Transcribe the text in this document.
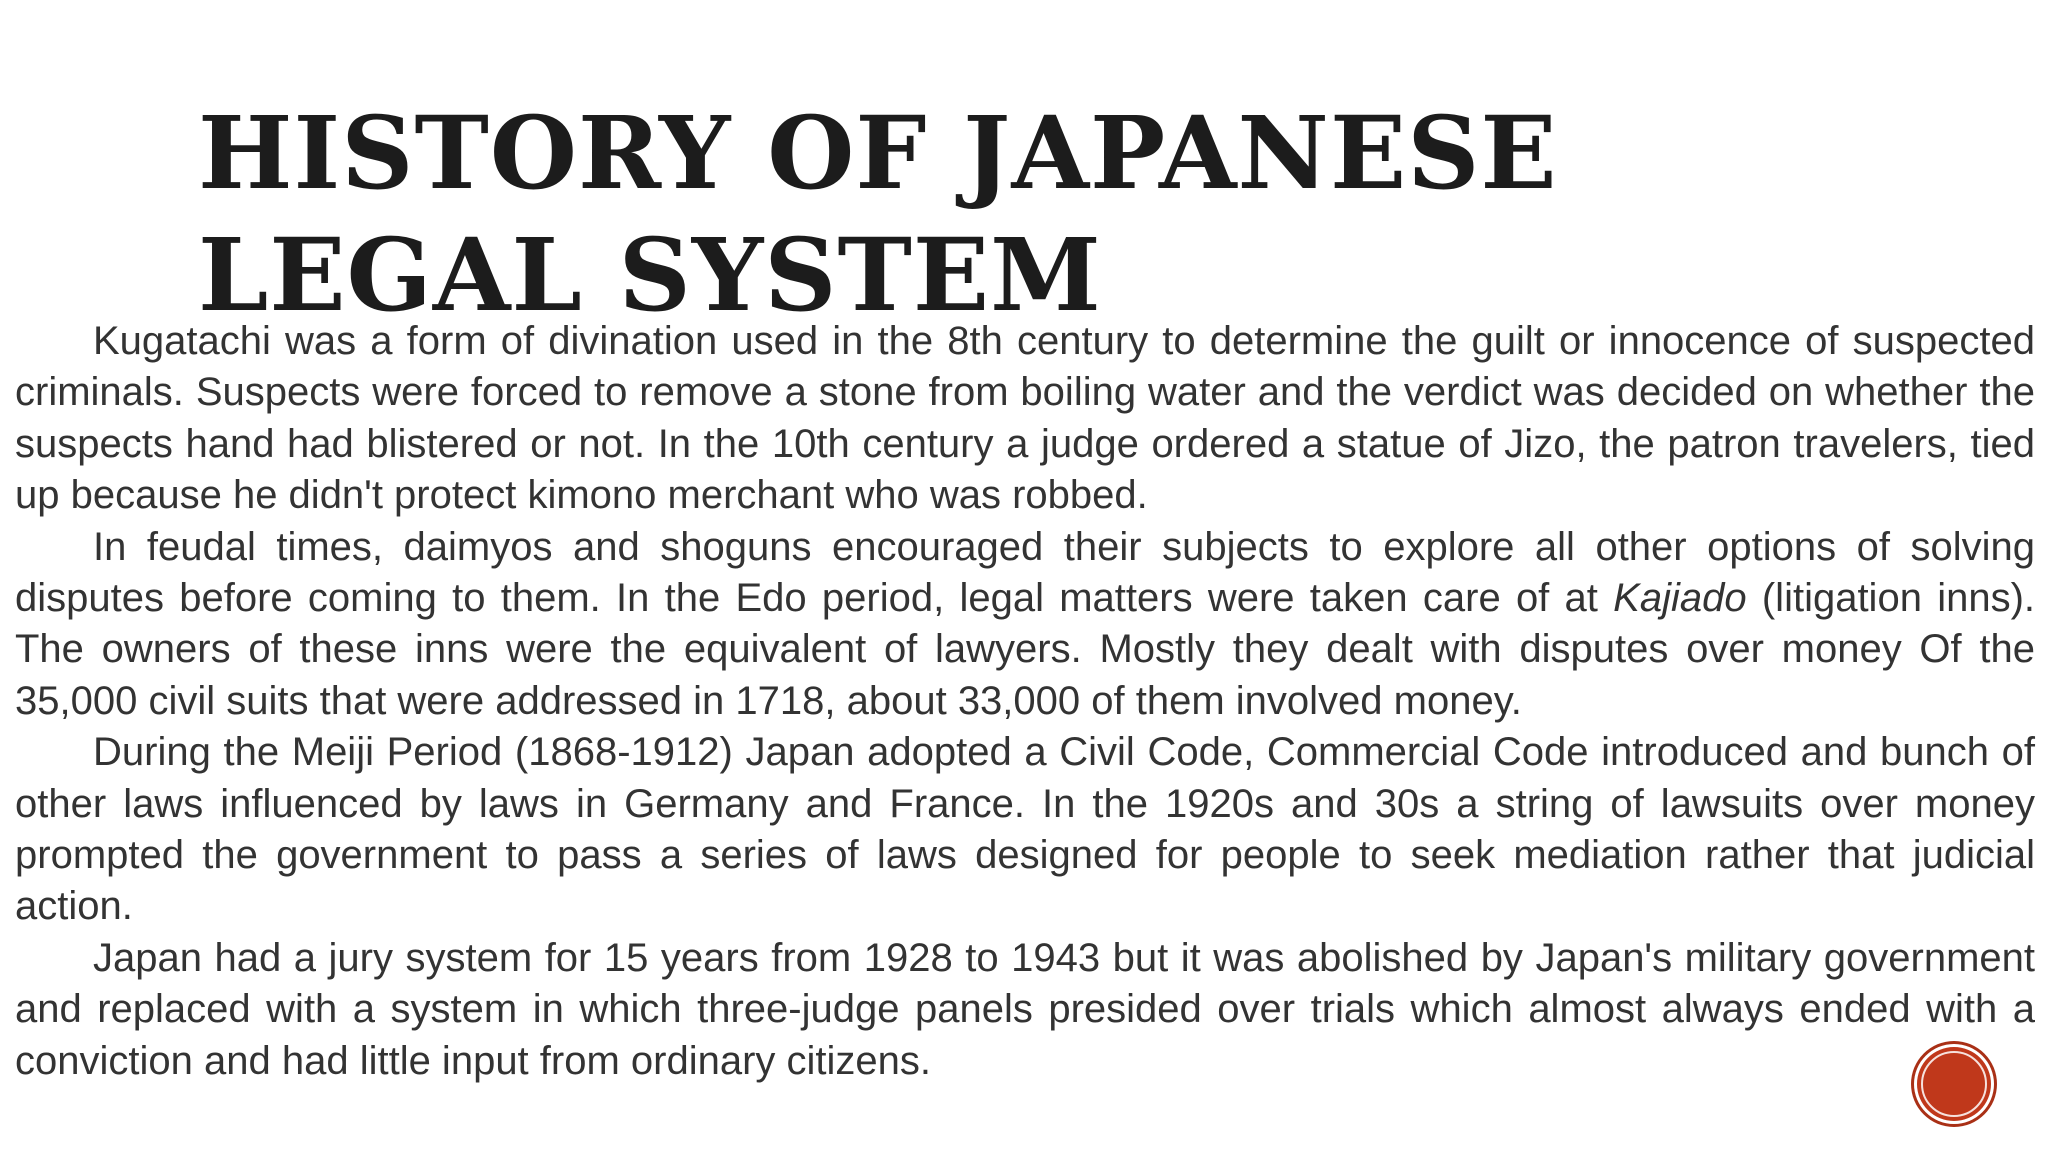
HISTORY OF JAPANESE
LEGAL SYSTEM

Kugatachi was a form of divination used in the 8th century to determine the guilt or innocence of suspected criminals. Suspects were forced to remove a stone from boiling water and the verdict was decided on whether the suspects hand had blistered or not. In the 10th century a judge ordered a statue of Jizo, the patron travelers, tied up because he didn't protect kimono merchant who was robbed.

In feudal times, daimyos and shoguns encouraged their subjects to explore all other options of solving disputes before coming to them. In the Edo period, legal matters were taken care of at Kajiado (litigation inns). The owners of these inns were the equivalent of lawyers. Mostly they dealt with disputes over money Of the 35,000 civil suits that were addressed in 1718, about 33,000 of them involved money.

During the Meiji Period (1868-1912) Japan adopted a Civil Code, Commercial Code introduced and bunch of other laws influenced by laws in Germany and France. In the 1920s and 30s a string of lawsuits over money prompted the government to pass a series of laws designed for people to seek mediation rather that judicial action.

Japan had a jury system for 15 years from 1928 to 1943 but it was abolished by Japan's military government and replaced with a system in which three-judge panels presided over trials which almost always ended with a conviction and had little input from ordinary citizens.
